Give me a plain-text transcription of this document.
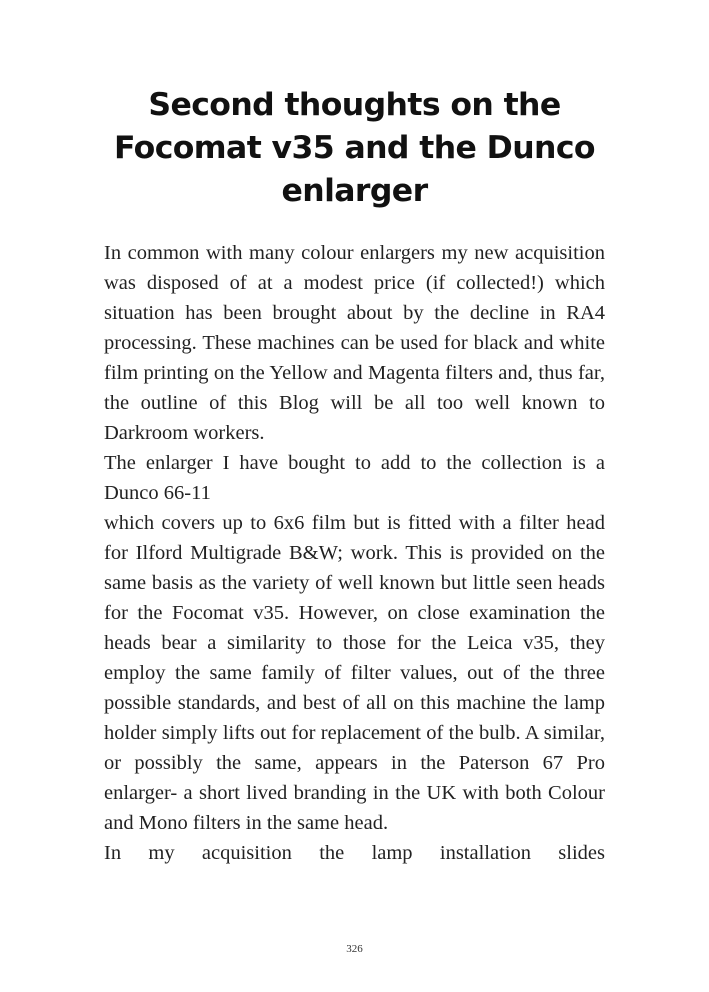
Second thoughts on the Focomat v35 and the Dunco enlarger

In common with many colour enlargers my new acquisition was disposed of at a modest price (if collected!) which situation has been brought about by the decline in RA4 processing. These machines can be used for black and white film printing on the Yellow and Magenta filters and, thus far, the outline of this Blog will be all too well known to Darkroom workers.

The enlarger I have bought to add to the collection is a Dunco 66-11

which covers up to 6x6 film but is fitted with a filter head for Ilford Multigrade B&W; work. This is provided on the same basis as the variety of well known but little seen heads for the Focomat v35. However, on close examination the heads bear a similarity to those for the Leica v35, they employ the same family of filter values, out of the three possible standards, and best of all on this machine the lamp holder simply lifts out for replacement of the bulb. A similar, or possibly the same, appears in the Paterson 67 Pro enlarger- a short lived branding in the UK with both Colour and Mono filters in the same head.

In my acquisition the lamp installation slides

326
